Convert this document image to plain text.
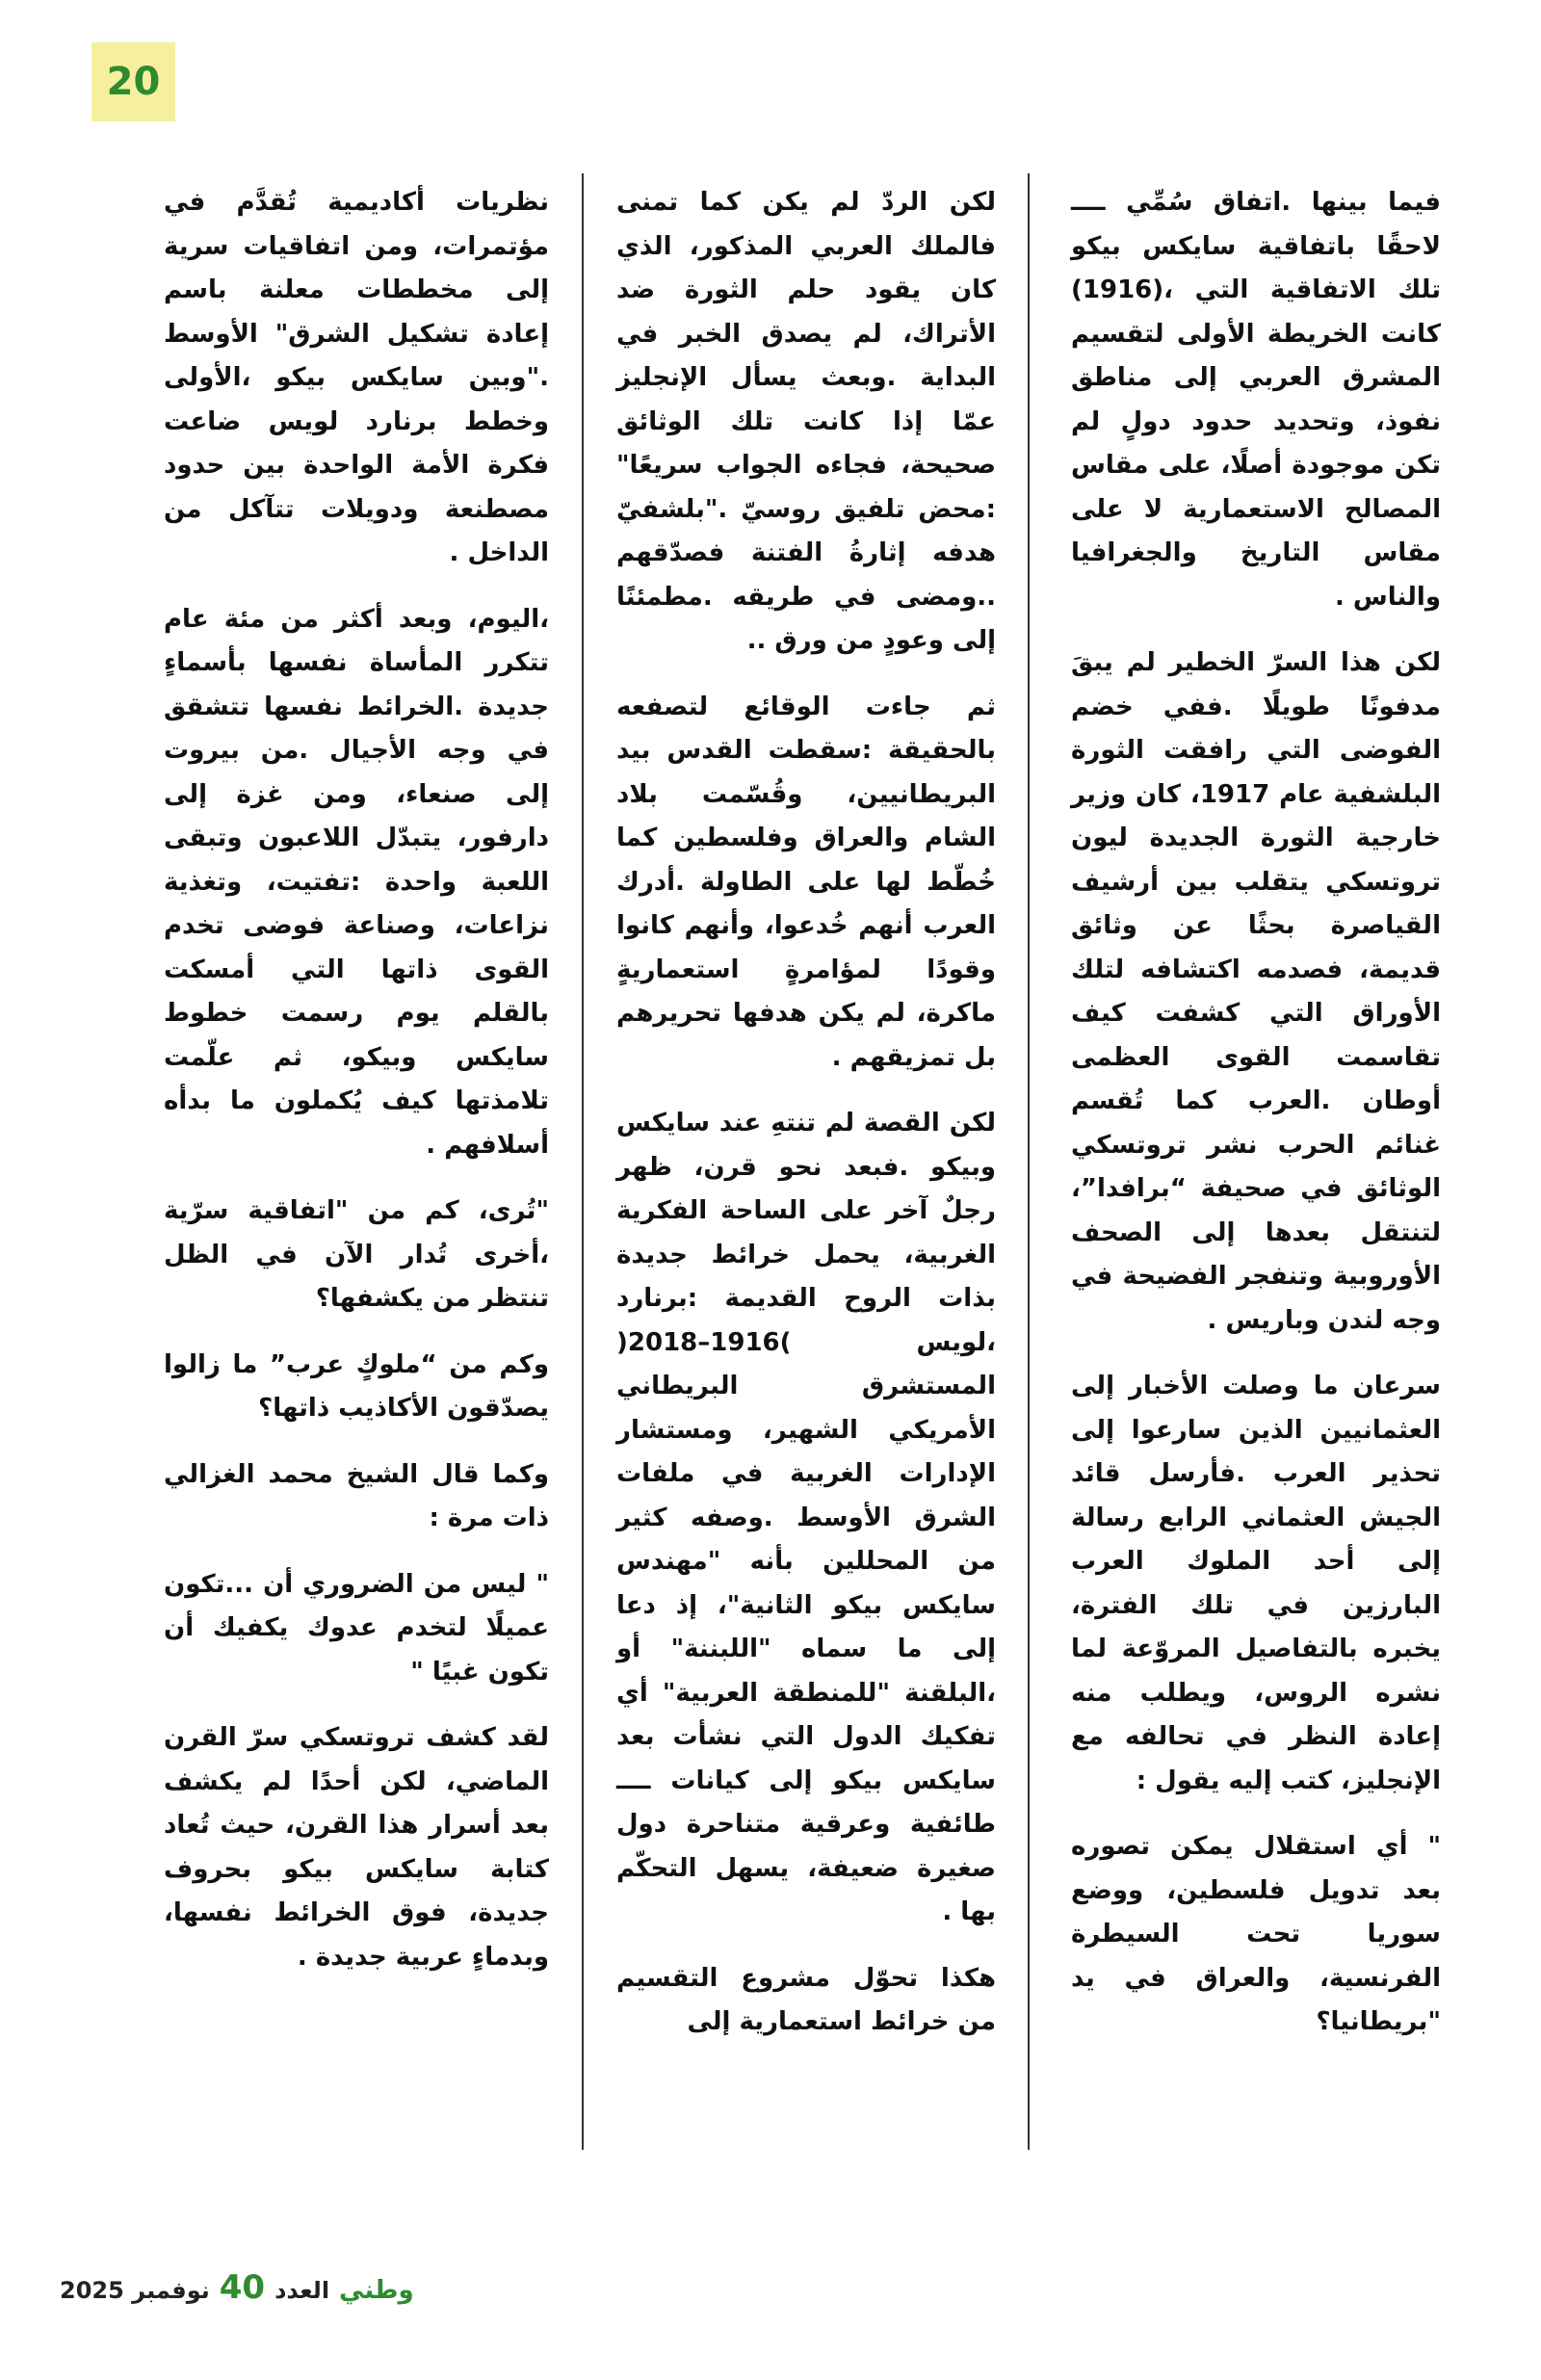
20

فيما بينها .اتفاق سُمِّي ــــ لاحقًا باتفاقية سايكس بيكو تلك الاتفاقية التي ،(1916) كانت الخريطة الأولى لتقسيم المشرق العربي إلى مناطق نفوذ، وتحديد حدود دولٍ لم تكن موجودة أصلًا، على مقاس المصالح الاستعمارية لا على مقاس التاريخ والجغرافيا والناس .

لكن هذا السرّ الخطير لم يبقَ مدفونًا طويلًا .ففي خضم الفوضى التي رافقت الثورة البلشفية عام 1917، كان وزير خارجية الثورة الجديدة ليون تروتسكي يتقلب بين أرشيف القياصرة بحثًا عن وثائق قديمة، فصدمه اكتشافه لتلك الأوراق التي كشفت كيف تقاسمت القوى العظمى أوطان .العرب كما تُقسم غنائم الحرب نشر تروتسكي الوثائق في صحيفة “برافدا”، لتنتقل بعدها إلى الصحف الأوروبية وتنفجر الفضيحة في وجه لندن وباريس .

سرعان ما وصلت الأخبار إلى العثمانيين الذين سارعوا إلى تحذير العرب .فأرسل قائد الجيش العثماني الرابع رسالة إلى أحد الملوك العرب البارزين في تلك الفترة، يخبره بالتفاصيل المروّعة لما نشره الروس، ويطلب منه إعادة النظر في تحالفه مع الإنجليز، كتب إليه يقول :

" أي استقلال يمكن تصوره بعد تدويل فلسطين، ووضع سوريا تحت السيطرة الفرنسية، والعراق في يد "بريطانيا؟

لكن الردّ لم يكن كما تمنى فالملك العربي المذكور، الذي كان يقود حلم الثورة ضد الأتراك، لم يصدق الخبر في البداية .وبعث يسأل الإنجليز عمّا إذا كانت تلك الوثائق صحيحة، فجاءه الجواب سريعًا" :محض تلفيق روسيّ ."بلشفيّ هدفه إثارةُ الفتنة فصدّقهم ..ومضى في طريقه .مطمئنًا إلى وعودٍ من ورق ..

ثم جاءت الوقائع لتصفعه بالحقيقة :سقطت القدس بيد البريطانيين، وقُسّمت بلاد الشام والعراق وفلسطين كما خُطّط لها على الطاولة .أدرك العرب أنهم خُدعوا، وأنهم كانوا وقودًا لمؤامرةٍ استعماريةٍ ماكرة، لم يكن هدفها تحريرهم بل تمزيقهم .

لكن القصة لم تنتهِ عند سايكس وبيكو .فبعد نحو قرن، ظهر رجلٌ آخر على الساحة الفكرية الغربية، يحمل خرائط جديدة بذات الروح القديمة :برنارد ،لويس )1916–2018( المستشرق البريطاني الأمريكي الشهير، ومستشار الإدارات الغربية في ملفات الشرق الأوسط .وصفه كثير من المحللين بأنه "مهندس سايكس بيكو الثانية"، إذ دعا إلى ما سماه "اللبننة" أو ،البلقنة "للمنطقة العربية" أي تفكيك الدول التي نشأت بعد سايكس بيكو إلى كيانات ــــ طائفية وعرقية متناحرة دول صغيرة ضعيفة، يسهل التحكّم بها .

هكذا تحوّل مشروع التقسيم من خرائط استعمارية إلى

نظريات أكاديمية تُقدَّم في مؤتمرات، ومن اتفاقيات سرية إلى مخططات معلنة باسم إعادة تشكيل الشرق" الأوسط ."وبين سايكس بيكو ،الأولى وخطط برنارد لويس ضاعت فكرة الأمة الواحدة بين حدود مصطنعة ودويلات تتآكل من الداخل .

،اليوم، وبعد أكثر من مئة عام تتكرر المأساة نفسها بأسماءٍ جديدة .الخرائط نفسها تتشقق في وجه الأجيال .من بيروت إلى صنعاء، ومن غزة إلى دارفور، يتبدّل اللاعبون وتبقى اللعبة واحدة :تفتيت، وتغذية نزاعات، وصناعة فوضى تخدم القوى ذاتها التي أمسكت بالقلم يوم رسمت خطوط سايكس وبيكو، ثم علّمت تلامذتها كيف يُكملون ما بدأه أسلافهم .

"تُرى، كم من "اتفاقية سرّية ،أخرى تُدار الآن في الظل تنتظر من يكشفها؟

وكم من “ملوكٍ عرب” ما زالوا يصدّقون الأكاذيب ذاتها؟

وكما قال الشيخ محمد الغزالي ذات مرة :

" ليس من الضروري أن ...تكون عميلًا لتخدم عدوك يكفيك أن تكون غبيًا "

لقد كشف تروتسكي سرّ القرن الماضي، لكن أحدًا لم يكشف بعد أسرار هذا القرن، حيث تُعاد كتابة سايكس بيكو بحروف جديدة، فوق الخرائط نفسها، وبدماءٍ عربية جديدة .

2025 نوفمبر 40 العدد وطني
